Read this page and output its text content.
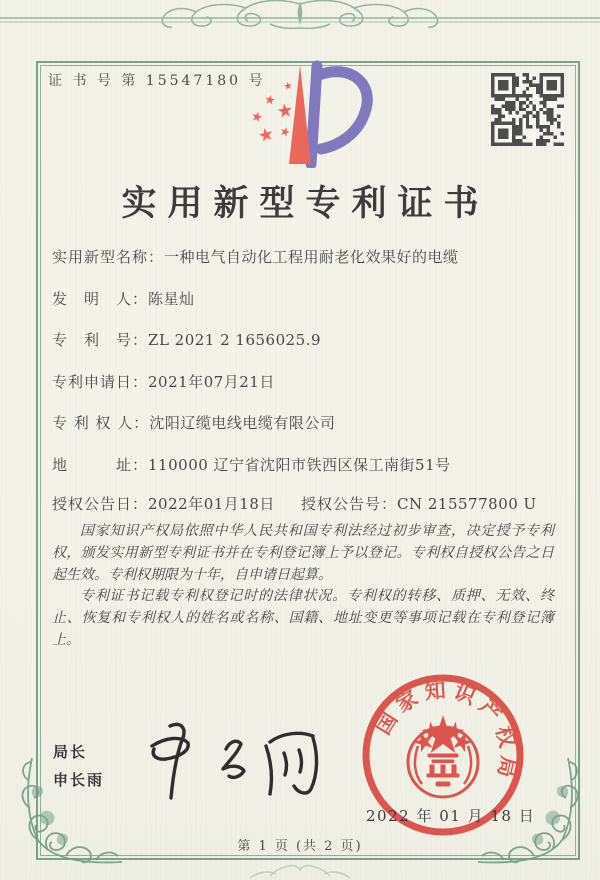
证 书 号 第 15547180 号
实用新型专利证书
实用新型名称：一种电气自动化工程用耐老化效果好的电缆
发　明　人：陈星灿
专　利　号：ZL 2021 2 1656025.9
专利申请日：2021年07月21日
专 利 权 人：沈阳辽缆电线电缆有限公司
地　　　址：110000 辽宁省沈阳市铁西区保工南街51号
授权公告日：2022年01月18日 授权公告号：CN 215577800 U

国家知识产权局依照中华人民共和国专利法经过初步审查，决定授予专利权，颁发实用新型专利证书并在专利登记簿上予以登记。专利权自授权公告之日起生效。专利权期限为十年，自申请日起算。

专利证书记载专利权登记时的法律状况。专利权的转移、质押、无效、终止、恢复和专利权人的姓名或名称、国籍、地址变更等事项记载在专利登记簿上。

局长
申长雨
国家知识产权局
2022 年 01 月 18 日
第 1 页 (共 2 页)
